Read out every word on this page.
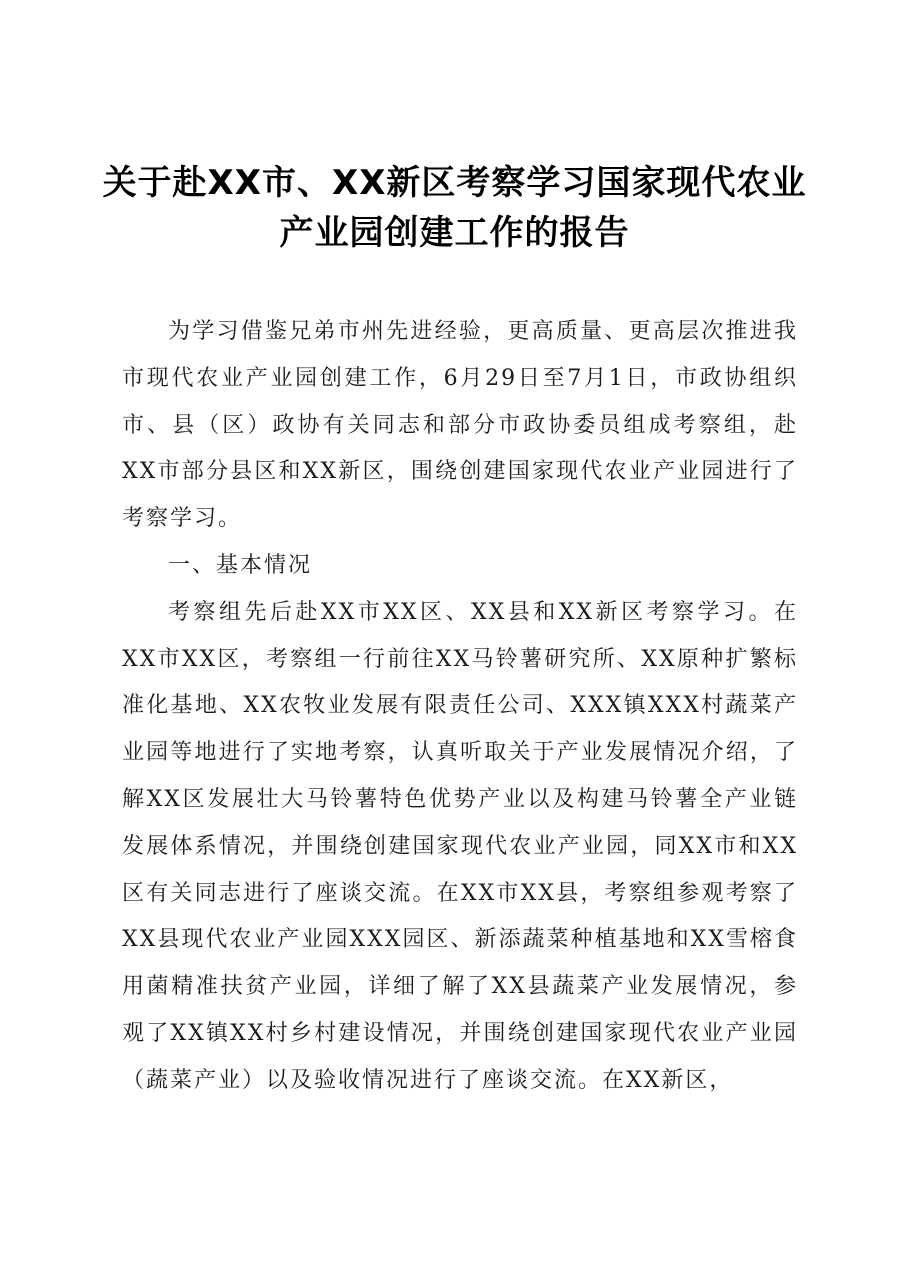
关于赴XX市、XX新区考察学习国家现代农业
产业园创建工作的报告

为学习借鉴兄弟市州先进经验，更高质量、更高层次推进我市现代农业产业园创建工作，6月29日至7月1日，市政协组织市、县（区）政协有关同志和部分市政协委员组成考察组，赴XX市部分县区和XX新区，围绕创建国家现代农业产业园进行了考察学习。

一、基本情况

考察组先后赴XX市XX区、XX县和XX新区考察学习。在XX市XX区，考察组一行前往XX马铃薯研究所、XX原种扩繁标准化基地、XX农牧业发展有限责任公司、XXX镇XXX村蔬菜产业园等地进行了实地考察，认真听取关于产业发展情况介绍，了解XX区发展壮大马铃薯特色优势产业以及构建马铃薯全产业链发展体系情况，并围绕创建国家现代农业产业园，同XX市和XX区有关同志进行了座谈交流。在XX市XX县，考察组参观考察了XX县现代农业产业园XXX园区、新添蔬菜种植基地和XX雪榕食用菌精准扶贫产业园，详细了解了XX县蔬菜产业发展情况，参观了XX镇XX村乡村建设情况，并围绕创建国家现代农业产业园（蔬菜产业）以及验收情况进行了座谈交流。在XX新区，
